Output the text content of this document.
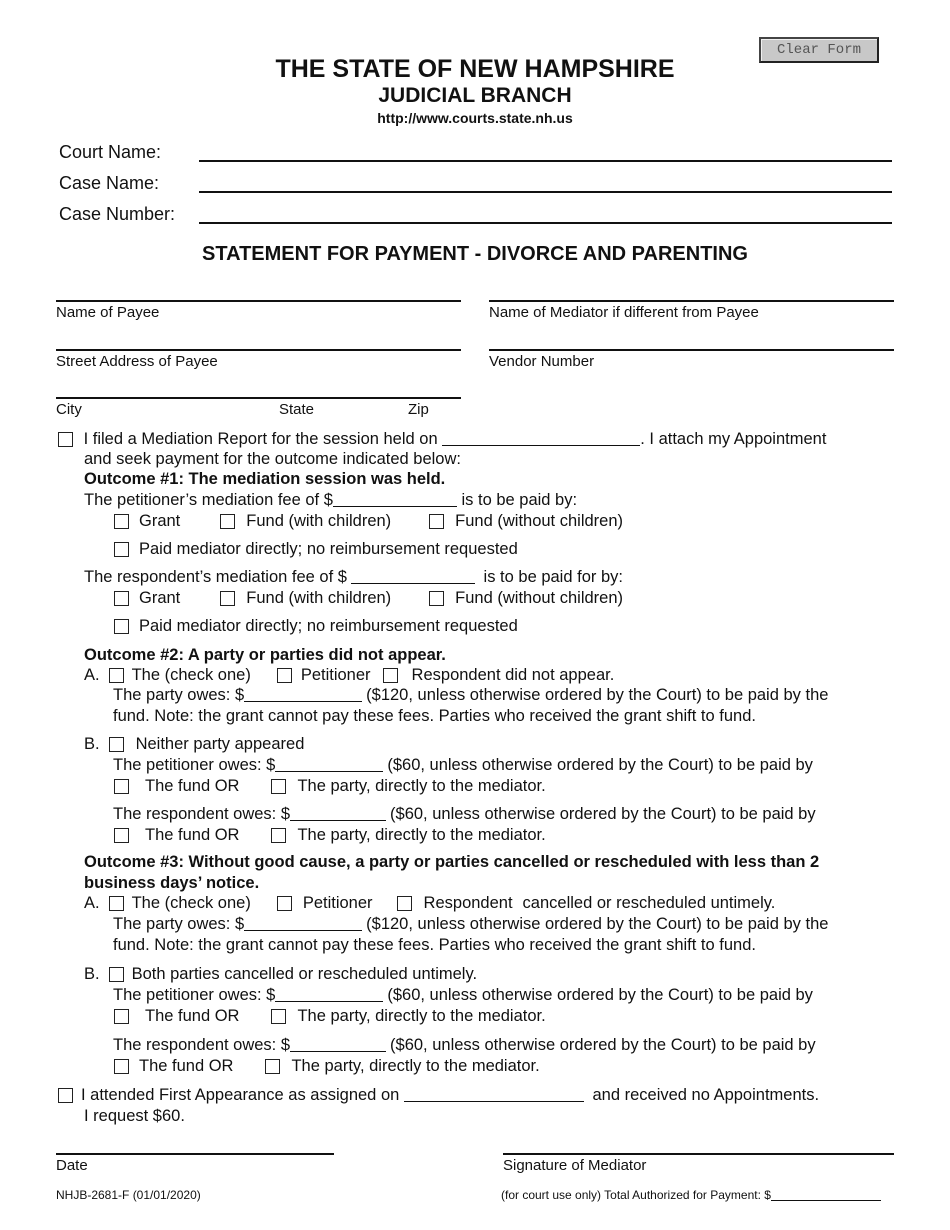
Clear Form
THE STATE OF NEW HAMPSHIRE
JUDICIAL BRANCH
http://www.courts.state.nh.us
Court Name:
Case Name:
Case Number:
STATEMENT FOR PAYMENT - DIVORCE AND PARENTING
Name of Payee	Name of Mediator if different from Payee
Street Address of Payee	Vendor Number
City	State	Zip
I filed a Mediation Report for the session held on	. I attach my Appointment
and seek payment for the outcome indicated below:
Outcome #1: The mediation session was held.
The petitioner’s mediation fee of $	is to be paid by:
Grant	Fund (with children)	Fund (without children)
Paid mediator directly; no reimbursement requested
The respondent’s mediation fee of $	is to be paid for by:
Grant	Fund (with children)	Fund (without children)
Paid mediator directly; no reimbursement requested
Outcome #2: A party or parties did not appear.
A. The (check one)	Petitioner Respondent did not appear.
The party owes: $	($120, unless otherwise ordered by the Court) to be paid by the
fund. Note: the grant cannot pay these fees. Parties who received the grant shift to fund.
B. Neither party appeared
The petitioner owes: $	($60, unless otherwise ordered by the Court) to be paid by
The fund OR	The party, directly to the mediator.
The respondent owes: $	($60, unless otherwise ordered by the Court) to be paid by
The fund OR	The party, directly to the mediator.
Outcome #3: Without good cause, a party or parties cancelled or rescheduled with less than 2
business days’ notice.
A. The (check one)	Petitioner	Respondent cancelled or rescheduled untimely.
The party owes: $	($120, unless otherwise ordered by the Court) to be paid by the
fund. Note: the grant cannot pay these fees. Parties who received the grant shift to fund.
B. Both parties cancelled or rescheduled untimely.
The petitioner owes: $	($60, unless otherwise ordered by the Court) to be paid by
The fund OR	The party, directly to the mediator.
The respondent owes: $	($60, unless otherwise ordered by the Court) to be paid by
The fund OR	The party, directly to the mediator.
I attended First Appearance as assigned on	and received no Appointments.
I request $60.
Date	Signature of Mediator
NHJB-2681-F (01/01/2020)	(for court use only) Total Authorized for Payment: $
